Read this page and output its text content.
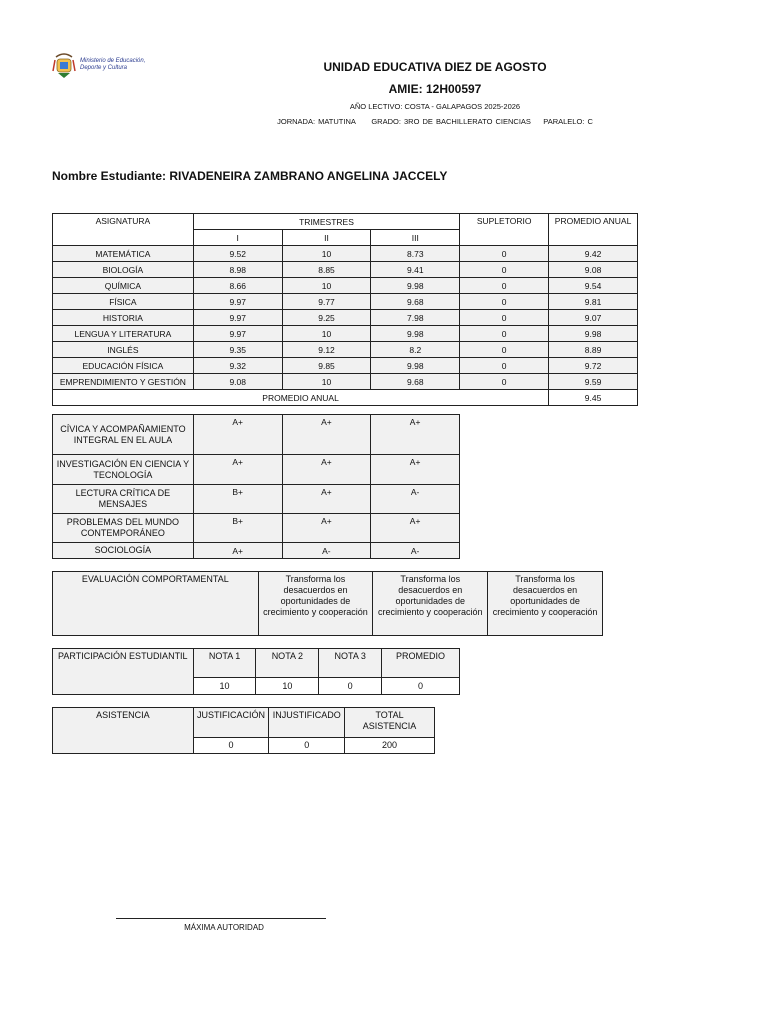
Ministerio de Educación,
Deporte y Cultura	UNIDAD EDUCATIVA DIEZ DE AGOSTO
AMIE: 12H00597
AÑO LECTIVO: COSTA - GALAPAGOS 2025-2026
JORNADA: MATUTINA GRADO: 3RO DE BACHILLERATO CIENCIAS PARALELO: C
Nombre Estudiante: RIVADENEIRA ZAMBRANO ANGELINA JACCELY
ASIGNATURA	TRIMESTRES			SUPLETORIO	PROMEDIO ANUAL
	I	II	III		
MATEMÁTICA	9.52	10	8.73	0	9.42
BIOLOGÍA	8.98	8.85	9.41	0	9.08
QUÍMICA	8.66	10	9.98	0	9.54
FÍSICA	9.97	9.77	9.68	0	9.81
HISTORIA	9.97	9.25	7.98	0	9.07
LENGUA Y LITERATURA	9.97	10	9.98	0	9.98
INGLÉS	9.35	9.12	8.2	0	8.89
EDUCACIÓN FÍSICA	9.32	9.85	9.98	0	9.72
EMPRENDIMIENTO Y GESTIÓN	9.08	10	9.68	0	9.59
PROMEDIO ANUAL					9.45
CÍVICA Y ACOMPAÑAMIENTO INTEGRAL EN EL AULA	A+	A+	A+
INVESTIGACIÓN EN CIENCIA Y TECNOLOGÍA	A+	A+	A+
LECTURA CRÍTICA DE MENSAJES	B+	A+	A-
PROBLEMAS DEL MUNDO CONTEMPORÁNEO	B+	A+	A+
SOCIOLOGÍA	A+	A-	A-
EVALUACIÓN COMPORTAMENTAL	Transforma los desacuerdos en oportunidades de crecimiento y cooperación	Transforma los desacuerdos en oportunidades de crecimiento y cooperación	Transforma los desacuerdos en oportunidades de crecimiento y cooperación
PARTICIPACIÓN ESTUDIANTIL	NOTA 1	NOTA 2	NOTA 3	PROMEDIO
	10	10	0	0
ASISTENCIA	JUSTIFICACIÓN	INJUSTIFICADO	TOTAL ASISTENCIA
	0	0	200
MÁXIMA AUTORIDAD
